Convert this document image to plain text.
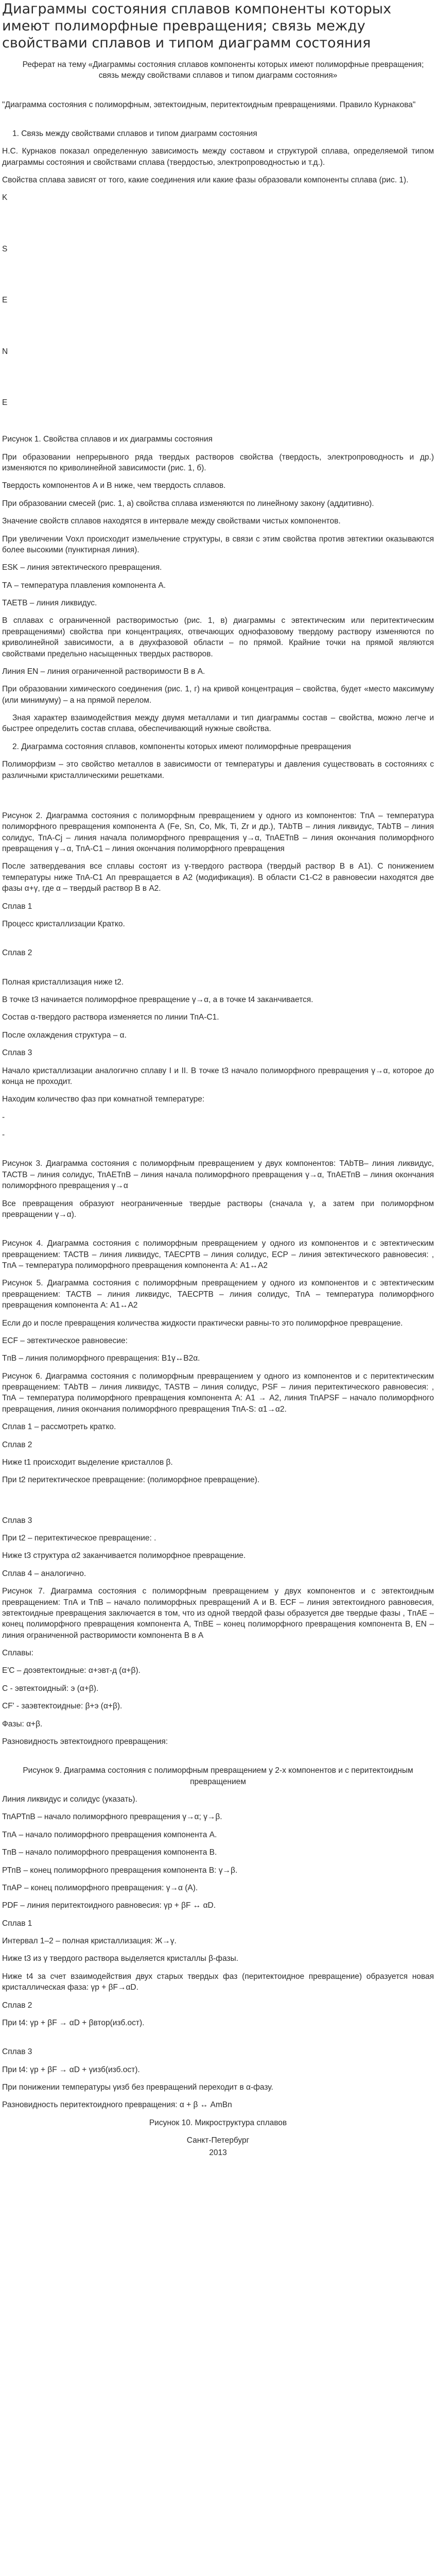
Диаграммы состояния сплавов компоненты которых имеют полиморфные превращения; связь между свойствами сплавов и типом диаграмм состояния

Реферат на тему «Диаграммы состояния сплавов компоненты которых имеют полиморфные превращения; связь между свойствами сплавов и типом диаграмм состояния»

"Диаграмма состояния с полиморфным, эвтектоидным, перитектоидным превращениями. Правило Курнакова"

1. Связь между свойствами сплавов и типом диаграмм состояния

Н.С. Курнаков показал определенную зависимость между составом и структурой сплава, определяемой типом диаграммы состояния и свойствами сплава (твердостью, электропроводностью и т.д.).

Свойства сплава зависят от того, какие соединения или какие фазы образовали компоненты сплава (рис. 1).

K

S

E

N

E

Рисунок 1. Свойства сплавов и их диаграммы состояния

При образовании непрерывного ряда твердых растворов свойства (твердость, электропроводность и др.) изменяются по криволинейной зависимости (рис. 1, б).

Твердость компонентов А и В ниже, чем твердость сплавов.

При образовании смесей (рис. 1, а) свойства сплава изменяются по линейному закону (аддитивно).

Значение свойств сплавов находятся в интервале между свойствами чистых компонентов.

При увеличении Vохл происходит измельчение структуры, в связи с этим свойства против эвтектики оказываются более высокими (пунктирная линия).

ESK – линия эвтектического превращения.

ТА – температура плавления компонента А.

ТАЕТВ – линия ликвидус.

В сплавах с ограниченной растворимостью (рис. 1, в) диаграммы с эвтектическим или перитектическим превращениями) свойства при концентрациях, отвечающих однофазовому твердому раствору изменяются по криволинейной зависимости, а в двухфазовой области – по прямой. Крайние точки на прямой являются свойствами предельно насыщенных твердых растворов.

Линия EN – линия ограниченной растворимости В в А.

При образовании химического соединения (рис. 1, г) на кривой концентрация – свойства, будет «место максимуму (или минимуму) – а на прямой перелом.

Зная характер взаимодействия между двумя металлами и тип диаграммы состав – свойства, можно легче и быстрее определить состав сплава, обеспечивающий нужные свойства.

2. Диаграмма состояния сплавов, компоненты которых имеют полиморфные превращения

Полиморфизм – это свойство металлов в зависимости от температуры и давления существовать в состояниях с различными кристаллическими решетками.

Рисунок 2. Диаграмма состояния с полиморфным превращением у одного из компонентов: TпА – температура полиморфного превращения компонента А (Fe, Sn, Co, Mk, Ti, Zr и др.), ТАbТВ – линия ликвидус, ТАbТВ – линия солидус, ТпА-Cj – линия начала полиморфного превращения γ→α, ТпАЕТпВ – линия окончания полиморфного превращения γ→α, TпА-C1 – линия окончания полиморфного превращения

После затвердевания все сплавы состоят из γ-твердого раствора (твердый раствор В в А1). С понижением температуры ниже ТпА-C1 Ап превращается в А2 (модификация). В области C1-C2 в равновесии находятся две фазы α+γ, где α – твердый раствор В в А2.

Сплав 1

Процесс кристаллизации Кратко.

Сплав 2

Полная кристаллизация ниже t2.

В точке t3 начинается полиморфное превращение γ→α, а в точке t4 заканчивается.

Состав α-твердого раствора изменяется по линии ТпА-C1.

После охлаждения структура – α.

Сплав 3

Начало кристаллизации аналогично сплаву I и II. В точке t3 начало полиморфного превращения γ→α, которое до конца не проходит.

Находим количество фаз при комнатной температуре:

-

-

Рисунок 3. Диаграмма состояния с полиморфным превращением у двух компонентов: ТАbТВ– линия ликвидус, ТАСТВ – линия солидус, ТпАЕТпВ – линия начала полиморфного превращения γ→α, ТпАЕТпВ – линия окончания полиморфного превращения γ→α

Все превращения образуют неограниченные твердые растворы (сначала γ, а затем при полиморфном превращении γ→α).

Рисунок 4. Диаграмма состояния с полиморфным превращением у одного из компонентов и с эвтектическим превращением: ТАСТВ – линия ликвидус, ТАЕСРТВ – линия солидус, ЕСР – линия эвтектического равновесия: , TпА – температура полиморфного превращения компонента А: А1↔А2

Рисунок 5. Диаграмма состояния с полиморфным превращением у одного из компонентов и с эвтектическим превращением: ТАСТВ – линия ликвидус, ТАЕСРТВ – линия солидус, TпА – температура полиморфного превращения компонента А: А1↔А2

Если до и после превращения количества жидкости практически равны-то это полиморфное превращение.

ЕСF – эвтектическое равновесие:

TпВ – линия полиморфного превращения: В1γ↔В2α.

Рисунок 6. Диаграмма состояния с полиморфным превращением у одного из компонентов и с перитектическим превращением: TАbТВ – линия ликвидус, ТАSТВ – линия солидус, PSF – линия перитектического равновесия: , ТпА – температура полиморфного превращения компонента А: А1 → А2, линия ТпАPSF – начало полиморфного превращения, линия окончания полиморфного превращения ТпА-S: α1→α2.

Сплав 1 – рассмотреть кратко.

Сплав 2

Ниже t1 происходит выделение кристаллов β.

При t2 перитектическое превращение: (полиморфное превращение).

Сплав 3

При t2 – перитектическое превращение: .

Ниже t3 структура α2 заканчивается полиморфное превращение.

Сплав 4 – аналогично.

Рисунок 7. Диаграмма состояния с полиморфным превращением у двух компонентов и с эвтектоидным превращением: TпА и TпВ – начало полиморфных превращений А и В. ECF – линия эвтектоидного равновесия, эвтектоидные превращения заключается в том, что из одной твердой фазы образуется две твердые фазы , TпАЕ – конец полиморфного превращения компонента А, ТпВЕ – конец полиморфного превращения компонента В, EN – линия ограниченной растворимости компонента В в А

Сплавы:

Е'С – доэвтектоидные: α+эвт-д (α+β).

С - эвтектоидный: э (α+β).

CF' - заэвтектоидные: β+э (α+β).

Фазы: α+β.

Разновидность эвтектоидного превращения:

Рисунок 9. Диаграмма состояния с полиморфным превращением у 2-х компонентов и с перитектоидным превращением

Линия ликвидус и солидус (указать).

ТпАРТпВ – начало полиморфного превращения γ→α; γ→β.

TпА – начало полиморфного превращения компонента A.

TпВ – начало полиморфного превращения компонента B.

РТпВ – конец полиморфного превращения компонента В: γ→β.

TпАР – конец полиморфного превращения: γ→α (A).

PDF – линия перитектоидного равновесия: γр + βF ↔ αD.

Сплав 1

Интервал 1–2 – полная кристаллизация: Ж→γ.

Ниже t3 из γ твердого раствора выделяется кристаллы β-фазы.

Ниже t4 за счет взаимодействия двух старых твердых фаз (перитектоидное превращение) образуется новая кристаллическая фаза: γр + βF→αD.

Сплав 2

При t4: γр + βF → αD + βвтор(изб.ост).

Сплав 3

При t4: γр + βF → αD + γизб(изб.ост).

При понижении температуры γизб без превращений переходит в α-фазу.

Разновидность перитектоидного превращения: α + β ↔ АmВn

Рисунок 10. Микроструктура сплавов

Санкт-Петербург

2013
